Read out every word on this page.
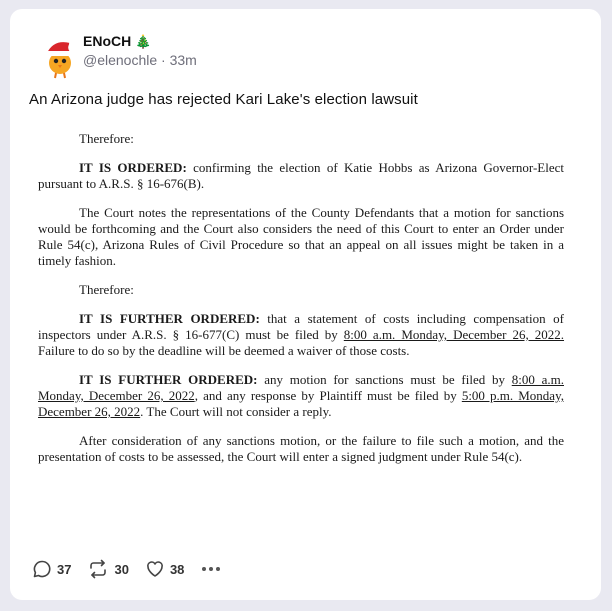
ENoCH 🎄
@elenochle · 33m
An Arizona judge has rejected Kari Lake's election lawsuit

Therefore:

IT IS ORDERED: confirming the election of Katie Hobbs as Arizona Governor-Elect pursuant to A.R.S. § 16-676(B).

The Court notes the representations of the County Defendants that a motion for sanctions would be forthcoming and the Court also considers the need of this Court to enter an Order under Rule 54(c), Arizona Rules of Civil Procedure so that an appeal on all issues might be taken in a timely fashion.

Therefore:

IT IS FURTHER ORDERED: that a statement of costs including compensation of inspectors under A.R.S. § 16-677(C) must be filed by 8:00 a.m. Monday, December 26, 2022. Failure to do so by the deadline will be deemed a waiver of those costs.

IT IS FURTHER ORDERED: any motion for sanctions must be filed by 8:00 a.m. Monday, December 26, 2022, and any response by Plaintiff must be filed by 5:00 p.m. Monday, December 26, 2022. The Court will not consider a reply.

After consideration of any sanctions motion, or the failure to file such a motion, and the presentation of costs to be assessed, the Court will enter a signed judgment under Rule 54(c).

37	30	38
